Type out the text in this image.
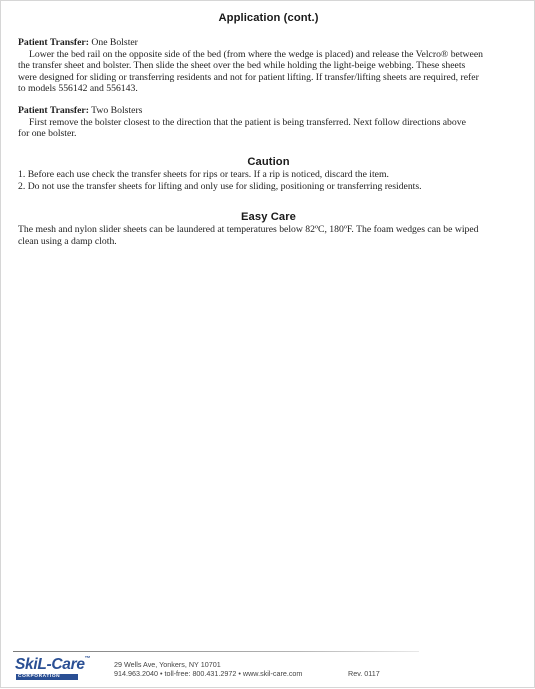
Application (cont.)

Patient Transfer: One Bolster

Lower the bed rail on the opposite side of the bed (from where the wedge is placed) and release the Velcro® between

the transfer sheet and bolster. Then slide the sheet over the bed while holding the light-beige webbing. These sheets

were designed for sliding or transferring residents and not for patient lifting. If transfer/lifting sheets are required, refer

to models 556142 and 556143.

Patient Transfer: Two Bolsters

First remove the bolster closest to the direction that the patient is being transferred. Next follow directions above

for one bolster.

Caution

1. Before each use check the transfer sheets for rips or tears. If a rip is noticed, discard the item.

2. Do not use the transfer sheets for lifting and only use for sliding, positioning or transferring residents.

Easy Care

The mesh and nylon slider sheets can be laundered at temperatures below 82ºC, 180ºF. The foam wedges can be wiped

clean using a damp cloth.

SkiL-Care™
CORPORATION
29 Wells Ave, Yonkers, NY 10701
914.963.2040 • toll-free: 800.431.2972 • www.skil-care.com	Rev. 0117
